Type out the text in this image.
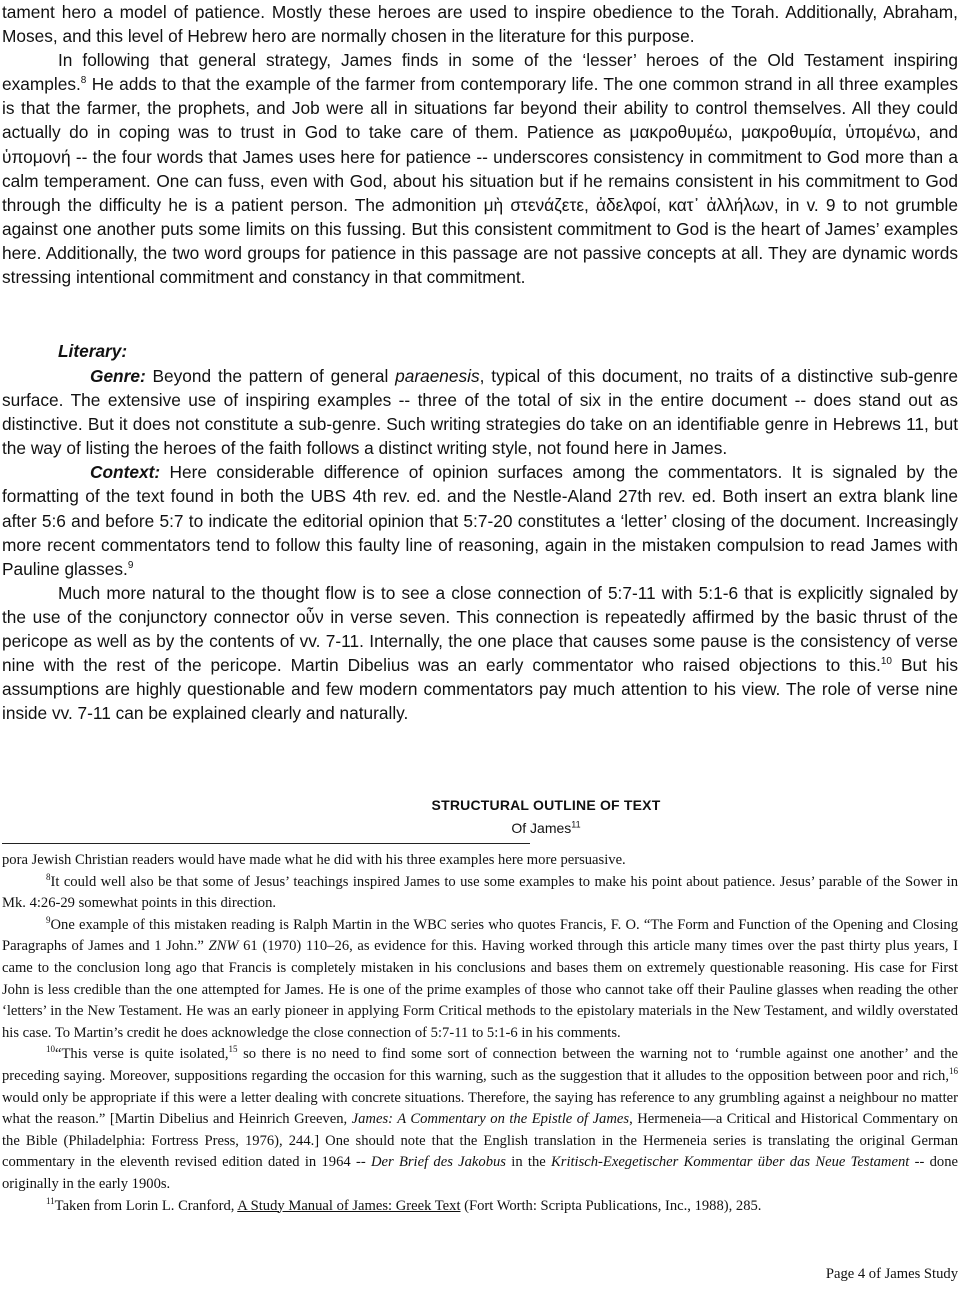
tament hero a model of patience. Mostly these heroes are used to inspire obedience to the Torah. Additionally, Abraham, Moses, and this level of Hebrew hero are normally chosen in the literature for this purpose.

In following that general strategy, James finds in some of the ‘lesser’ heroes of the Old Testament inspiring examples.$^8$ He adds to that the example of the farmer from contemporary life. The one common strand in all three examples is that the farmer, the prophets, and Job were all in situations far beyond their ability to control themselves. All they could actually do in coping was to trust in God to take care of them. Patience as μακροθυμέω, μακροθυμία, ὑπομένω, and ὑπομονή -- the four words that James uses here for patience -- underscores consistency in commitment to God more than a calm temperament. One can fuss, even with God, about his situation but if he remains consistent in his commitment to God through the difficulty he is a patient person. The admonition μὴ στενάζετε, ἀδελφοί, κατ᾽ ἀλλήλων, in v. 9 to not grumble against one another puts some limits on this fussing. But this consistent commitment to God is the heart of James’ examples here. Additionally, the two word groups for patience in this passage are not passive concepts at all. They are dynamic words stressing intentional commitment and constancy in that commitment.

Literary:

Genre: Beyond the pattern of general paraenesis, typical of this document, no traits of a distinctive sub-genre surface. The extensive use of inspiring examples -- three of the total of six in the entire document -- does stand out as distinctive. But it does not constitute a sub-genre. Such writing strategies do take on an identifiable genre in Hebrews 11, but the way of listing the heroes of the faith follows a distinct writing style, not found here in James.

Context: Here considerable difference of opinion surfaces among the commentators. It is signaled by the formatting of the text found in both the UBS 4th rev. ed. and the Nestle-Aland 27th rev. ed. Both insert an extra blank line after 5:6 and before 5:7 to indicate the editorial opinion that 5:7-20 constitutes a ‘letter’ closing of the document. Increasingly more recent commentators tend to follow this faulty line of reasoning, again in the mistaken compulsion to read James with Pauline glasses.$^9$

Much more natural to the thought flow is to see a close connection of 5:7-11 with 5:1-6 that is explicitly signaled by the use of the conjunctory connector οὖν in verse seven. This connection is repeatedly affirmed by the basic thrust of the pericope as well as by the contents of vv. 7-11. Internally, the one place that causes some pause is the consistency of verse nine with the rest of the pericope. Martin Dibelius was an early commentator who raised objections to this.$^{10}$ But his assumptions are highly questionable and few modern commentators pay much attention to his view. The role of verse nine inside vv. 7-11 can be explained clearly and naturally.

STRUCTURAL OUTLINE OF TEXT
Of James$^{11}$

pora Jewish Christian readers would have made what he did with his three examples here more persuasive.

$^8$It could well also be that some of Jesus’ teachings inspired James to use some examples to make his point about patience. Jesus’ parable of the Sower in Mk. 4:26-29 somewhat points in this direction.

$^9$One example of this mistaken reading is Ralph Martin in the WBC series who quotes Francis, F. O. “The Form and Function of the Opening and Closing Paragraphs of James and 1 John.” ZNW 61 (1970) 110–26, as evidence for this. Having worked through this article many times over the past thirty plus years, I came to the conclusion long ago that Francis is completely mistaken in his conclusions and bases them on extremely questionable reasoning. His case for First John is less credible than the one attempted for James. He is one of the prime examples of those who cannot take off their Pauline glasses when reading the other ‘letters’ in the New Testament. He was an early pioneer in applying Form Critical methods to the epistolary materials in the New Testament, and wildly overstated his case. To Martin’s credit he does acknowledge the close connection of 5:7-11 to 5:1-6 in his comments.

$^{10}$“This verse is quite isolated,$^{15}$ so there is no need to find some sort of connection between the warning not to ‘rumble against one another’ and the preceding saying. Moreover, suppositions regarding the occasion for this warning, such as the suggestion that it alludes to the opposition between poor and rich,$^{16}$ would only be appropriate if this were a letter dealing with concrete situations. Therefore, the saying has reference to any grumbling against a neighbour no matter what the reason.” [Martin Dibelius and Heinrich Greeven, James: A Commentary on the Epistle of James, Hermeneia—a Critical and Historical Commentary on the Bible (Philadelphia: Fortress Press, 1976), 244.] One should note that the English translation in the Hermeneia series is translating the original German commentary in the eleventh revised edition dated in 1964 -- Der Brief des Jakobus in the Kritisch-Exegetischer Kommentar über das Neue Testament -- done originally in the early 1900s.

$^{11}$Taken from Lorin L. Cranford, A Study Manual of James: Greek Text (Fort Worth: Scripta Publications, Inc., 1988), 285.

Page 4 of James Study
